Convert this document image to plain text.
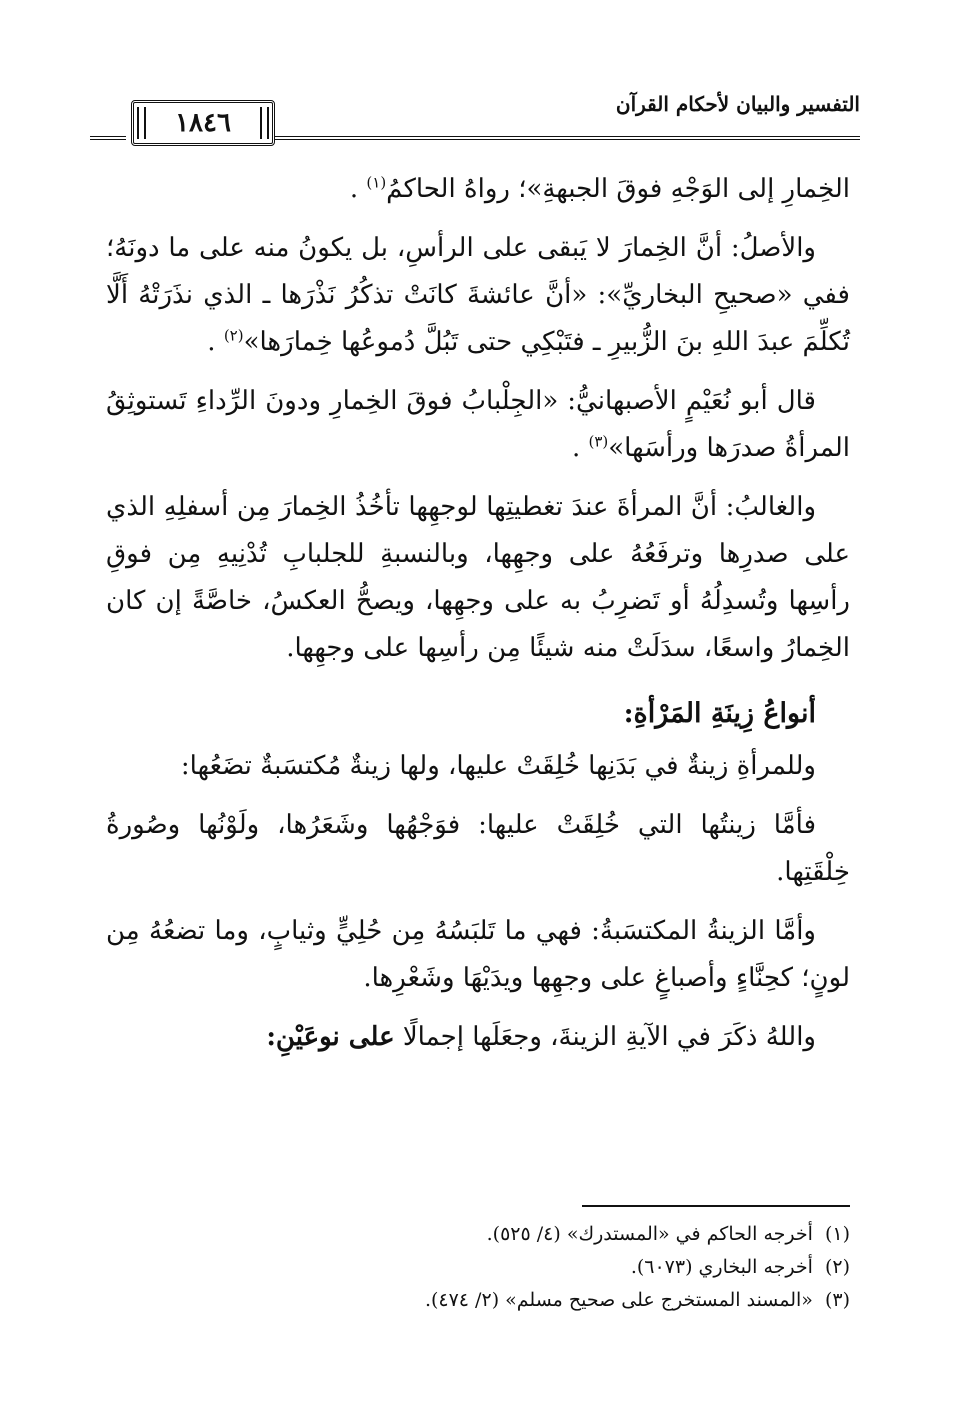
التفسير والبيان لأحكام القرآن
١٨٤٦

الخِمارِ إلى الوَجْهِ فوقَ الجبهةِ»؛ رواهُ الحاكمُ$^{(١)}$ .

والأصلُ: أنَّ الخِمارَ لا يَبقى على الرأسِ، بل يكونُ منه على ما دونَهُ؛ ففي «صحيحِ البخاريِّ»: «أنَّ عائشةَ كانَتْ تذكُرُ نَذْرَها ـ الذي نذَرَتْهُ أَلَّا تُكلِّمَ عبدَ اللهِ بنَ الزُّبيرِ ـ فتَبْكِي حتى تَبُلَّ دُموعُها خِمارَها»$^{(٢)}$ .

قال أبو نُعَيْمٍ الأصبهانيُّ: «الجِلْبابُ فوقَ الخِمارِ ودونَ الرِّداءِ تَستوثِقُ المرأةُ صدرَها ورأسَها»$^{(٣)}$ .

والغالبُ: أنَّ المرأةَ عندَ تغطيتِها لوجهِها تأخُذُ الخِمارَ مِن أسفلِهِ الذي على صدرِها وترفَعُهُ على وجهِها، وبالنسبةِ للجلبابِ تُدْنِيهِ مِن فوقِ رأسِها وتُسدِلُهُ أو تَضرِبُ به على وجهِها، ويصحُّ العكسُ، خاصَّةً إن كان الخِمارُ واسعًا، سدَلَتْ منه شيئًا مِن رأسِها على وجهِها.

أنواعُ زِينَةِ المَرْأةِ:

وللمرأةِ زينةٌ في بَدَنِها خُلِقَتْ عليها، ولها زينةٌ مُكتسَبةٌ تضَعُها:

فأمَّا زينتُها التي خُلِقَتْ عليها: فوَجْهُها وشَعَرُها، ولَوْنُها وصُورةُ خِلْقَتِها.

وأمَّا الزينةُ المكتسَبةُ: فهي ما تَلبَسُهُ مِن حُلِيٍّ وثيابٍ، وما تضعُهُ مِن لونٍ؛ كحِنَّاءٍ وأصباغٍ على وجهِها ويدَيْهَا وشَعْرِها.

واللهُ ذكَرَ في الآيةِ الزينةَ، وجعَلَها إجمالًا على نوعَيْنِ:

(١)
أخرجه الحاكم في «المستدرك» (٤/ ٥٢٥).
(٢)
أخرجه البخاري (٦٠٧٣).
(٣)
«المسند المستخرج على صحيح مسلم» (٢/ ٤٧٤).
